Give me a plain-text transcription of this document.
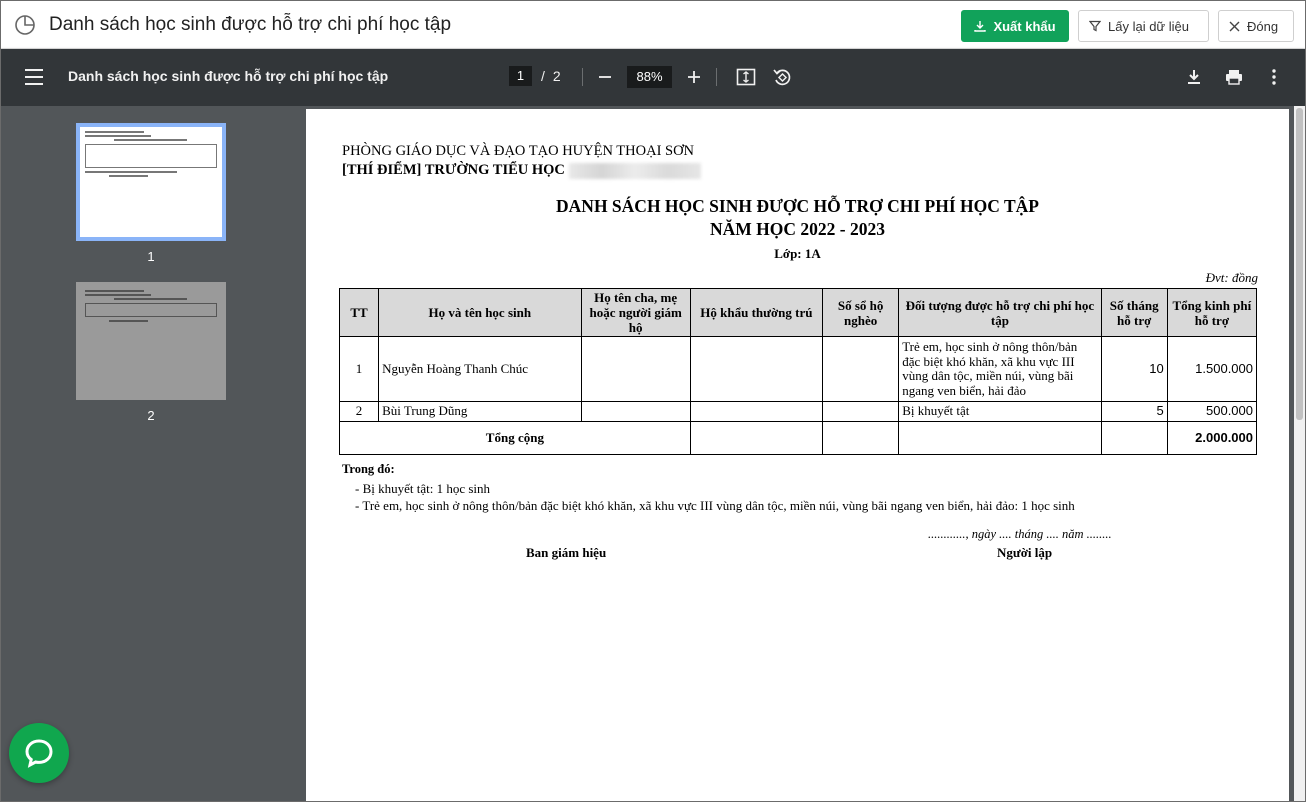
Danh sách học sinh được hỗ trợ chi phí học tập	Xuất khẩu	Lấy lại dữ liệu	Đóng
Danh sách học sinh được hỗ trợ chi phí học tập	1	/ 2	88%
1
2
PHÒNG GIÁO DỤC VÀ ĐẠO TẠO HUYỆN THOẠI SƠN
[THÍ ĐIỂM] TRƯỜNG TIỂU HỌC
DANH SÁCH HỌC SINH ĐƯỢC HỖ TRỢ CHI PHÍ HỌC TẬP
NĂM HỌC 2022 - 2023
Lớp: 1A
Đvt: đồng
TT	Họ và tên học sinh	Họ tên cha, mẹ hoặc người giám hộ	Hộ khẩu thường trú	Số sổ hộ nghèo	Đối tượng được hỗ trợ chi phí học tập	Số tháng hỗ trợ	Tổng kinh phí hỗ trợ
1	Nguyễn Hoàng Thanh Chúc				Trẻ em, học sinh ở nông thôn/bản đặc biệt khó khăn, xã khu vực III vùng dân tộc, miền núi, vùng bãi ngang ven biển, hải đảo	10	1.500.000
2	Bùi Trung Dũng				Bị khuyết tật	5	500.000
Tổng cộng							2.000.000
Trong đó:
- Bị khuyết tật: 1 học sinh
- Trẻ em, học sinh ở nông thôn/bản đặc biệt khó khăn, xã khu vực III vùng dân tộc, miền núi, vùng bãi ngang ven biển, hải đảo: 1 học sinh
............, ngày .... tháng .... năm ........
Ban giám hiệu	Người lập
